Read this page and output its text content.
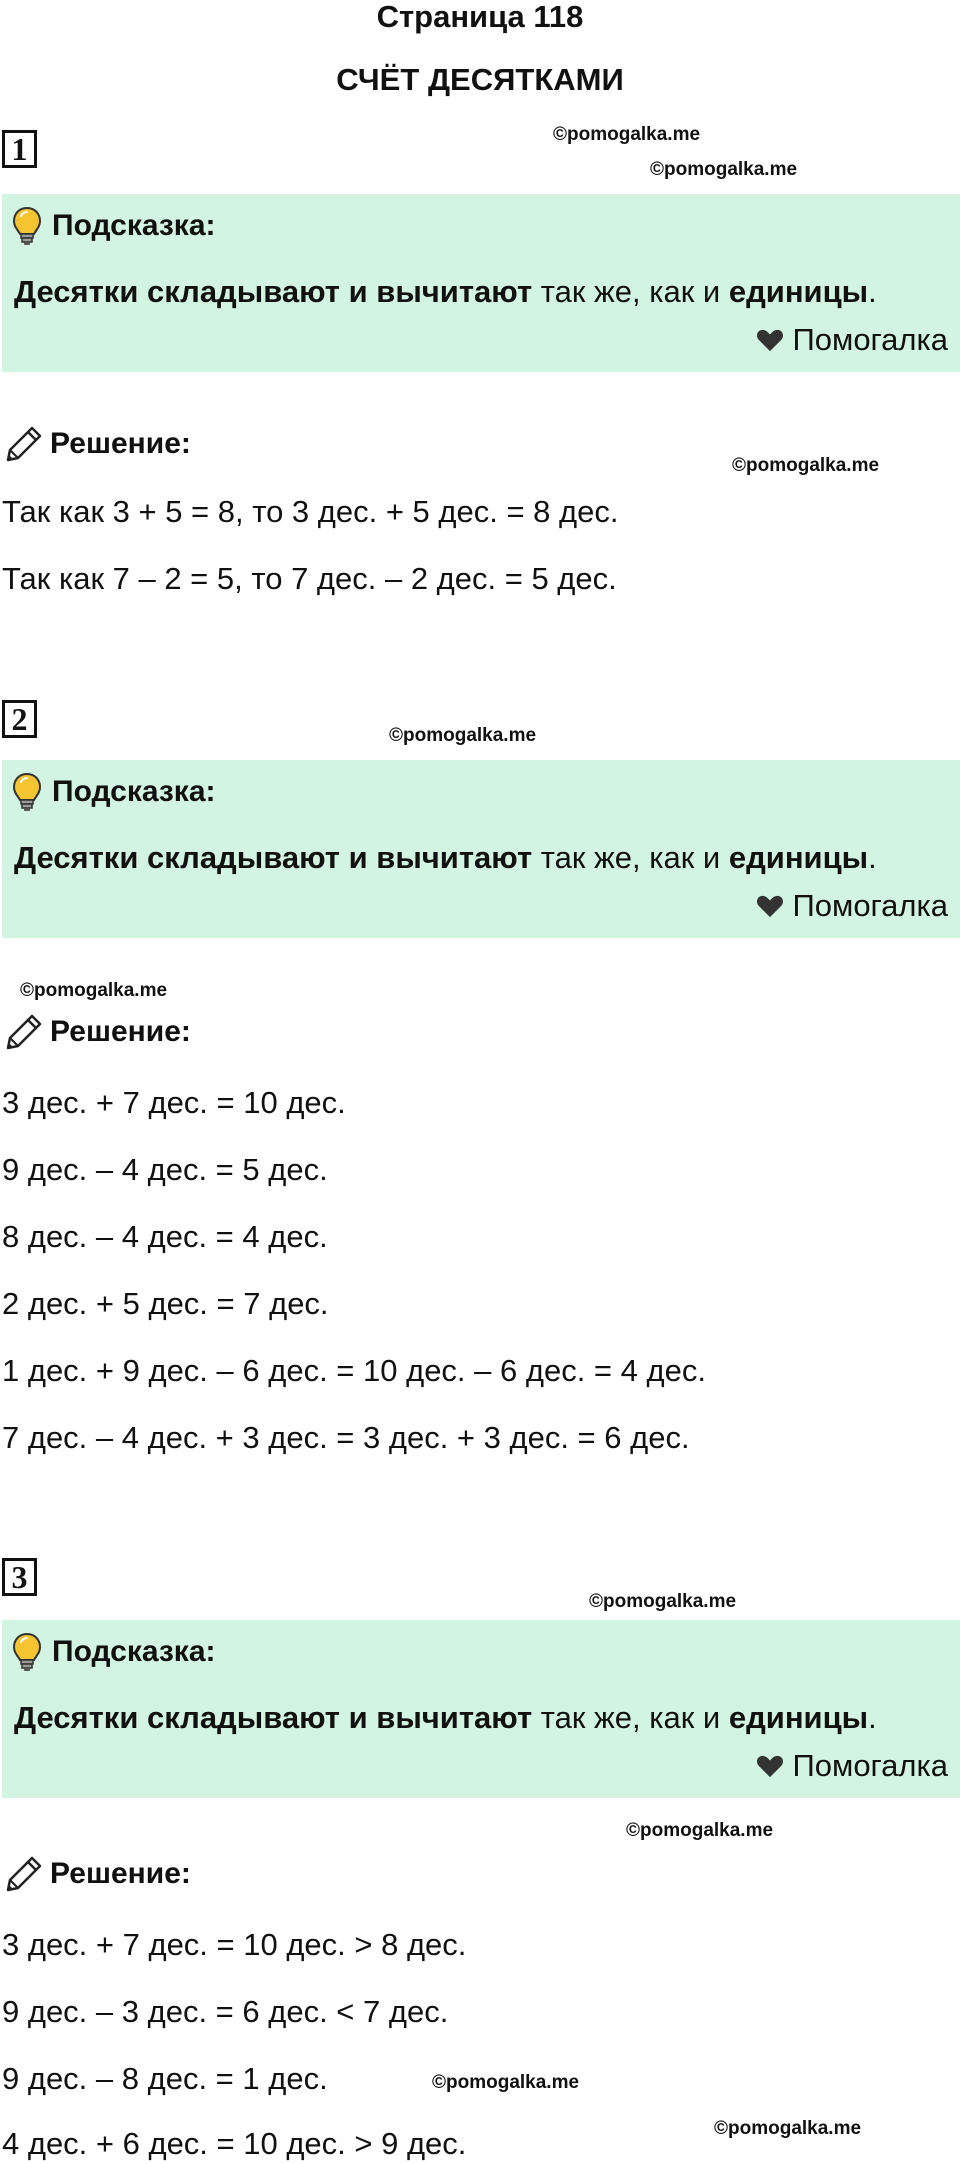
Страница 118
СЧЁТ ДЕСЯТКАМИ
1	©pomogalka.me
©pomogalka.me
Подсказка:
Десятки складывают и вычитают так же, как и единицы.
Помогалка
Решение:
©pomogalka.me
Так как 3 + 5 = 8, то 3 дес. + 5 дес. = 8 дес.
Так как 7 – 2 = 5, то 7 дес. – 2 дес. = 5 дес.
2	©pomogalka.me
Подсказка:
Десятки складывают и вычитают так же, как и единицы.
Помогалка
©pomogalka.me
Решение:
3 дес. + 7 дес. = 10 дес.
9 дес. – 4 дес. = 5 дес.
8 дес. – 4 дес. = 4 дес.
2 дес. + 5 дес. = 7 дес.
1 дес. + 9 дес. – 6 дес. = 10 дес. – 6 дес. = 4 дес.
7 дес. – 4 дес. + 3 дес. = 3 дес. + 3 дес. = 6 дес.
3
©pomogalka.me
Подсказка:
Десятки складывают и вычитают так же, как и единицы.
Помогалка
©pomogalka.me
Решение:
3 дес. + 7 дес. = 10 дес. > 8 дес.
9 дес. – 3 дес. = 6 дес. < 7 дес.
9 дес. – 8 дес. = 1 дес.	©pomogalka.me
©pomogalka.me
4 дес. + 6 дес. = 10 дес. > 9 дес.
